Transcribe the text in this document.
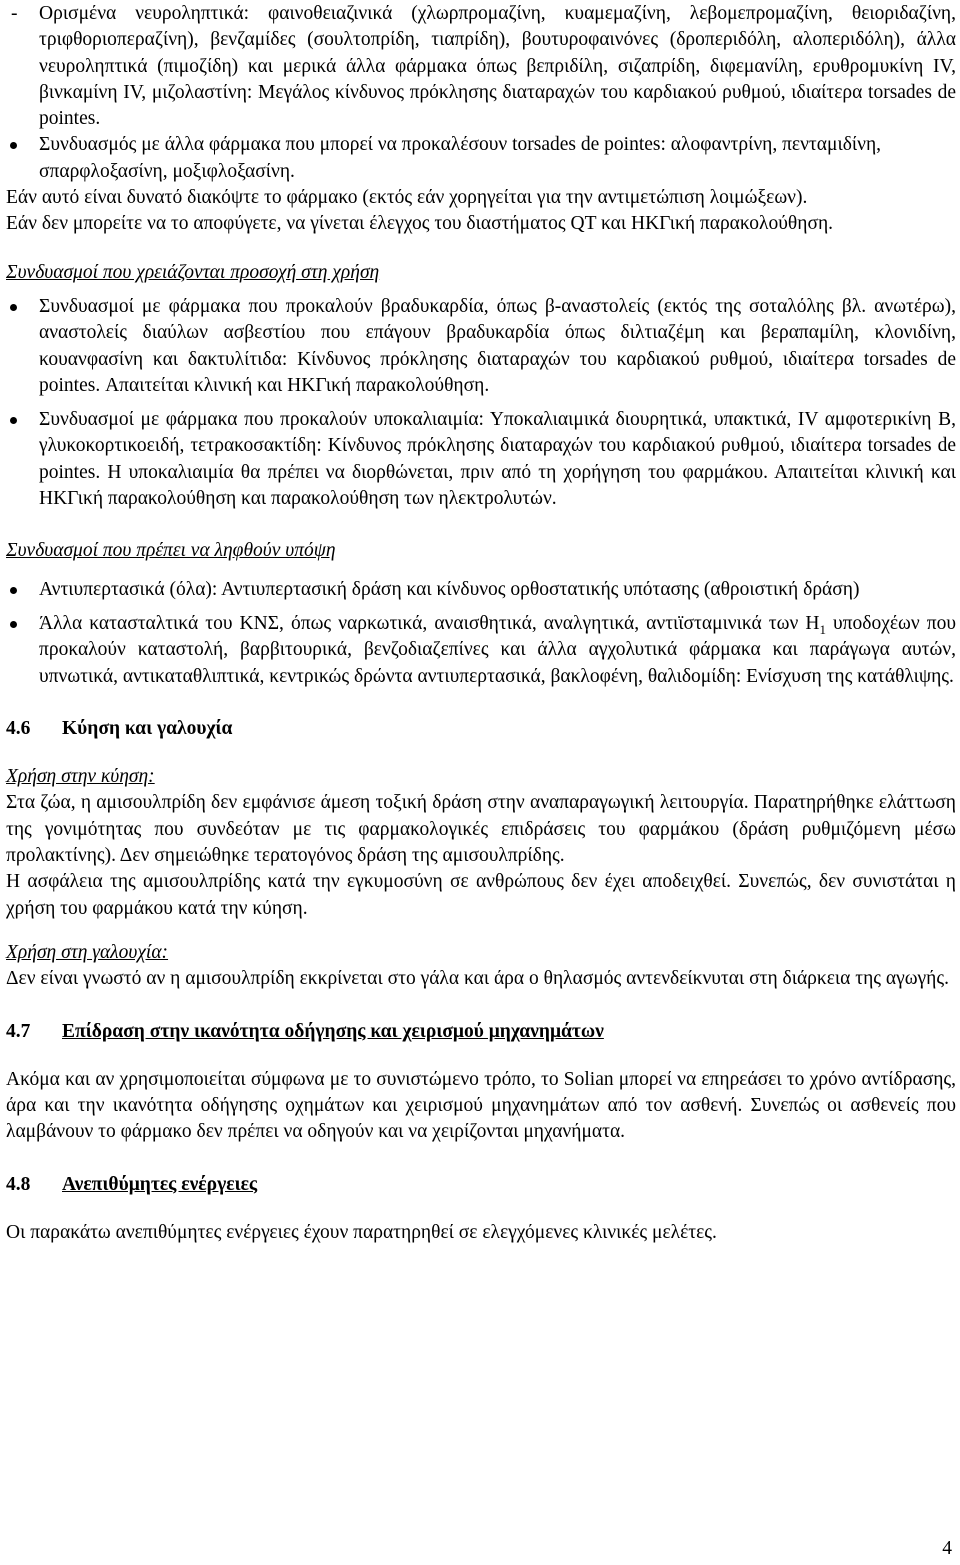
- Ορισμένα νευροληπτικά: φαινοθειαζινικά (χλωρπρομαζίνη, κυαμεμαζίνη, λεβομεπρομαζίνη, θειοριδαζίνη, τριφθοριοπεραζίνη), βενζαμίδες (σουλτοπρίδη, τιαπρίδη), βουτυροφαινόνες (δροπεριδόλη, αλοπεριδόλη), άλλα νευροληπτικά (πιμοζίδη) και μερικά άλλα φάρμακα όπως βεπριδίλη, σιζαπρίδη, διφεμανίλη, ερυθρομυκίνη IV, βινκαμίνη IV, μιζολαστίνη: Μεγάλος κίνδυνος πρόκλησης διαταραχών του καρδιακού ρυθμού, ιδιαίτερα torsades de pointes.
Συνδυασμός με άλλα φάρμακα που μπορεί να προκαλέσουν torsades de pointes: αλοφαντρίνη, πενταμιδίνη, σπαρφλοξασίνη, μοξιφλοξασίνη.

Εάν αυτό είναι δυνατό διακόψτε το φάρμακο (εκτός εάν χορηγείται για την αντιμετώπιση λοιμώξεων).

Εάν δεν μπορείτε να το αποφύγετε, να γίνεται έλεγχος του διαστήματος QT και ΗΚΓική παρακολούθηση.

Συνδυασμοί που χρειάζονται προσοχή στη χρήση

Συνδυασμοί με φάρμακα που προκαλούν βραδυκαρδία, όπως β-αναστολείς (εκτός της σοταλόλης βλ. ανωτέρω), αναστολείς διαύλων ασβεστίου που επάγουν βραδυκαρδία όπως διλτιαζέμη και βεραπαμίλη, κλονιδίνη, κουανφασίνη και δακτυλίτιδα: Κίνδυνος πρόκλησης διαταραχών του καρδιακού ρυθμού, ιδιαίτερα torsades de pointes. Απαιτείται κλινική και ΗΚΓική παρακολούθηση.
Συνδυασμοί με φάρμακα που προκαλούν υποκαλιαιμία: Υποκαλιαιμικά διουρητικά, υπακτικά, IV αμφοτερικίνη Β, γλυκοκορτικοειδή, τετρακοσακτίδη: Κίνδυνος πρόκλησης διαταραχών του καρδιακού ρυθμού, ιδιαίτερα torsades de pointes. Η υποκαλιαιμία θα πρέπει να διορθώνεται, πριν από τη χορήγηση του φαρμάκου. Απαιτείται κλινική και ΗΚΓική παρακολούθηση και παρακολούθηση των ηλεκτρολυτών.

Συνδυασμοί που πρέπει να ληφθούν υπόψη

Αντιυπερτασικά (όλα): Αντιυπερτασική δράση και κίνδυνος ορθοστατικής υπότασης (αθροιστική δράση)
Άλλα κατασταλτικά του ΚΝΣ, όπως ναρκωτικά, αναισθητικά, αναλγητικά, αντιϊσταμινικά των $H_1$ υποδοχέων που προκαλούν καταστολή, βαρβιτουρικά, βενζοδιαζεπίνες και άλλα αγχολυτικά φάρμακα και παράγωγα αυτών, υπνωτικά, αντικαταθλιπτικά, κεντρικώς δρώντα αντιυπερτασικά, βακλοφένη, θαλιδομίδη: Ενίσχυση της κατάθλιψης.

4.6 Κύηση και γαλουχία

Χρήση στην κύηση:

Στα ζώα, η αμισουλπρίδη δεν εμφάνισε άμεση τοξική δράση στην αναπαραγωγική λειτουργία. Παρατηρήθηκε ελάττωση της γονιμότητας που συνδεόταν με τις φαρμακολογικές επιδράσεις του φαρμάκου (δράση ρυθμιζόμενη μέσω προλακτίνης). Δεν σημειώθηκε τερατογόνος δράση της αμισουλπρίδης.

Η ασφάλεια της αμισουλπρίδης κατά την εγκυμοσύνη σε ανθρώπους δεν έχει αποδειχθεί. Συνεπώς, δεν συνιστάται η χρήση του φαρμάκου κατά την κύηση.

Χρήση στη γαλουχία:

Δεν είναι γνωστό αν η αμισουλπρίδη εκκρίνεται στο γάλα και άρα ο θηλασμός αντενδείκνυται στη διάρκεια της αγωγής.

4.7 Επίδραση στην ικανότητα οδήγησης και χειρισμού μηχανημάτων

Ακόμα και αν χρησιμοποιείται σύμφωνα με το συνιστώμενο τρόπο, το Solian μπορεί να επηρεάσει το χρόνο αντίδρασης, άρα και την ικανότητα οδήγησης οχημάτων και χειρισμού μηχανημάτων από τον ασθενή. Συνεπώς οι ασθενείς που λαμβάνουν το φάρμακο δεν πρέπει να οδηγούν και να χειρίζονται μηχανήματα.

4.8 Ανεπιθύμητες ενέργειες

Οι παρακάτω ανεπιθύμητες ενέργειες έχουν παρατηρηθεί σε ελεγχόμενες κλινικές μελέτες.

4
